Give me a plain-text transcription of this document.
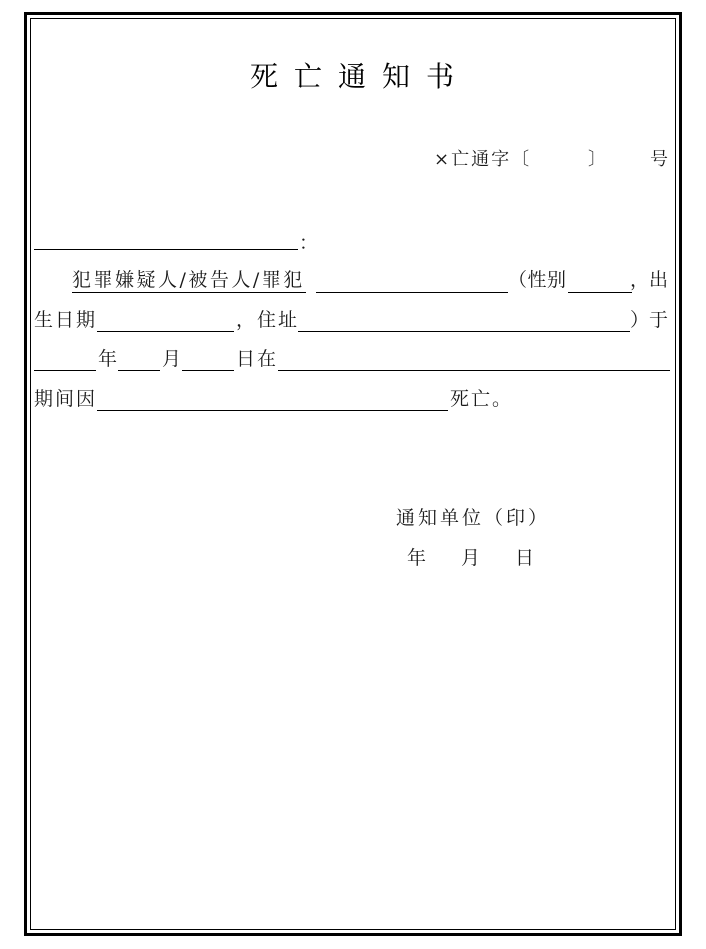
死亡通知书
×亡通字〔	〕 号
：
犯罪嫌疑人/被告人/罪犯	（性别	，出
生日期	，住址	）于
年 月	日在
期间因	死亡。
通知单位（印）
年　月　日
